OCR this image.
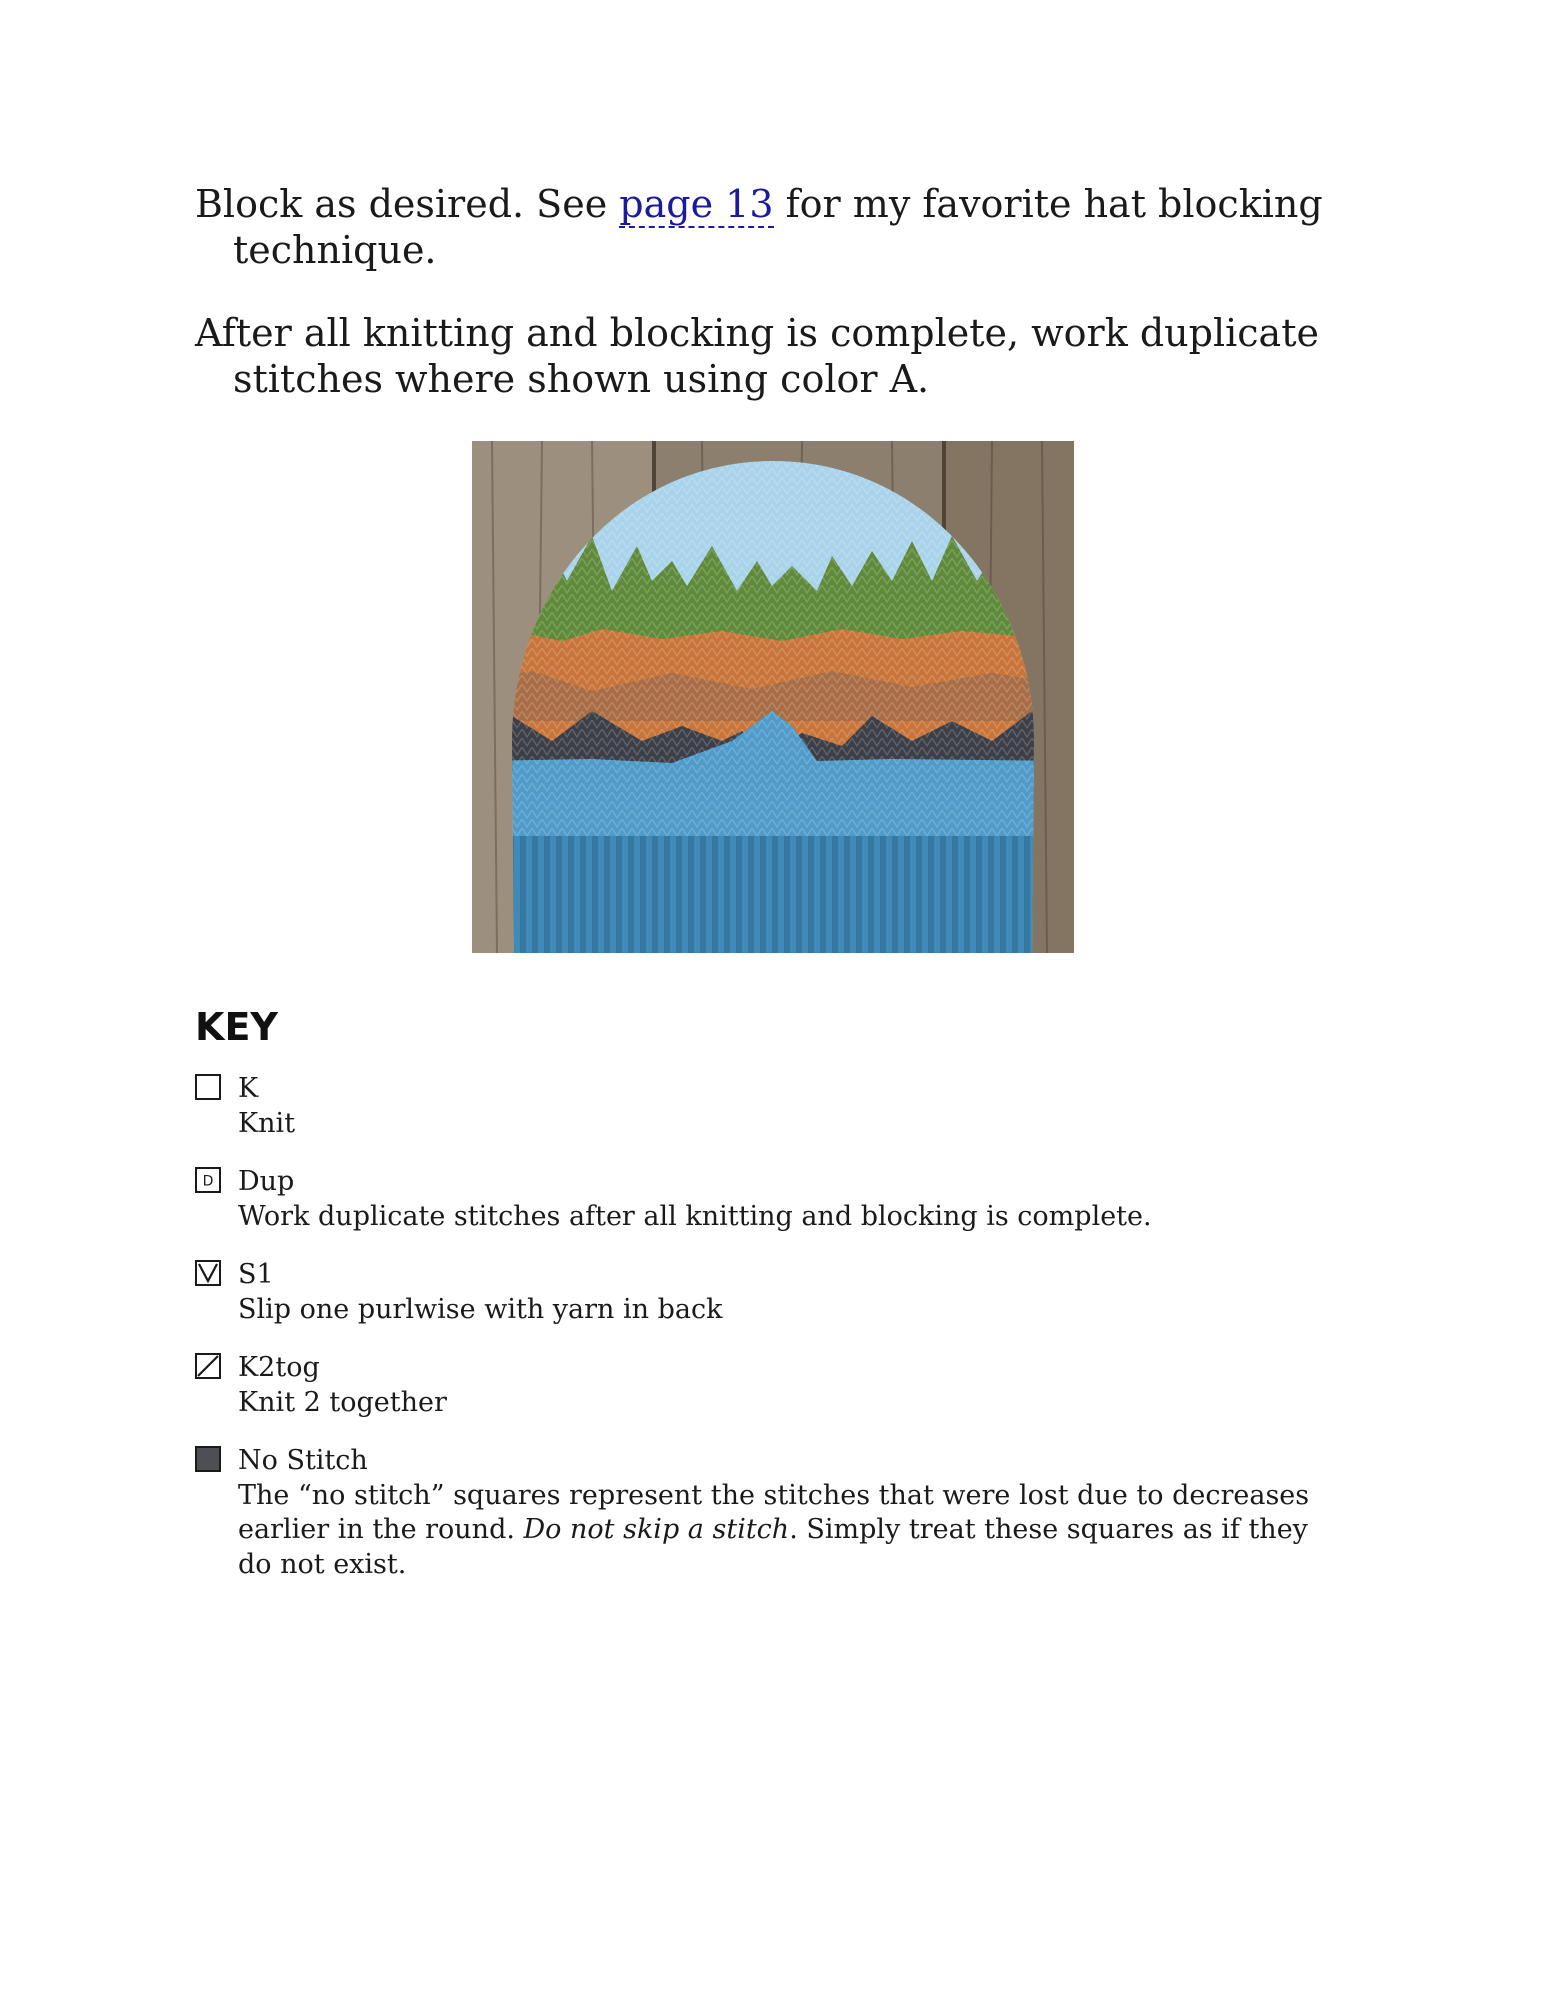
Block as desired. See page 13 for my favorite hat blocking technique.

After all knitting and blocking is complete, work duplicate stitches where shown using color A.

KEY
K
Knit
D Dup
Work duplicate stitches after all knitting and blocking is complete.
S1
Slip one purlwise with yarn in back
K2tog
Knit 2 together
No Stitch
The “no stitch” squares represent the stitches that were lost due to decreases earlier in the round. Do not skip a stitch. Simply treat these squares as if they do not exist.
